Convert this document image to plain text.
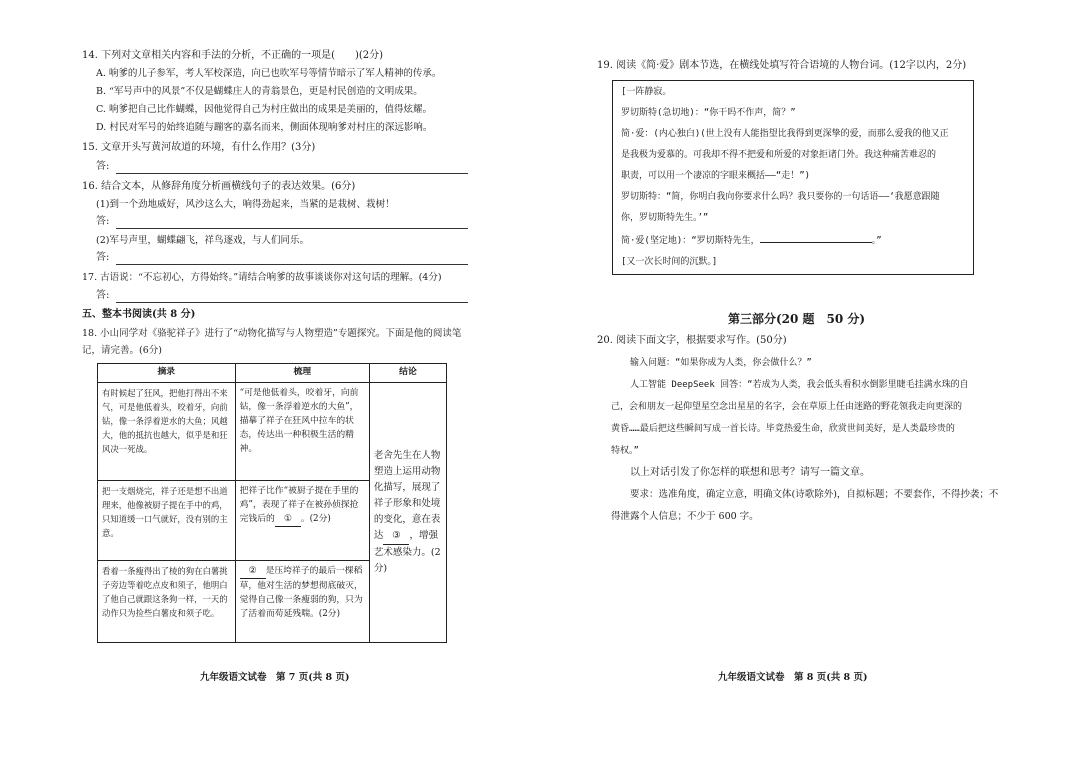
14. 下列对文章相关内容和手法的分析，不正确的一项是(　　)(2分)
A. 响爹的儿子参军，考人军校深造，向已也吹军号等情节暗示了军人精神的传承。
B. “军号声中的风景”不仅是蝴蝶庄人的青翁景色，更是村民创造的文明成果。
C. 响爹把自己比作蝴蝶，因他觉得自己为村庄做出的成果是美丽的，值得炫耀。
D. 村民对军号的始终追随与蹦客的嘉名而来，侧面体现响爹对村庄的深远影响。
15. 文章开头写黄河故道的环境，有什么作用？(3分)
答:
16. 结合文本，从修辞角度分析画横线句子的表达效果。(6分)
(1)到一个劲地威好，风沙这么大，响得劲起来，当紧的是栽树、栽树！
答:
(2)军号声里，蝴蝶翩飞，祥鸟逐戏，与人们同乐。
答:
17. 古语说：“不忘初心，方得始终。”请结合响爹的故事谈谈你对这句话的理解。(4分)
答:
五、整本书阅读(共 8 分)
18. 小山同学对《骆驼祥子》进行了“动物化描写与人物塑造”专题探究。下面是他的阅读笔
记，请完善。(6分)
摘录	梳理	结论
有时候起了狂风，把他打得出不来气，可是他低着头，咬着牙，向前钻，像一条浮着逆水的大鱼；风越大，他的抵抗也越大，似乎是和狂风决一死战。	“可是他低着头，咬着牙，向前钻，像一条浮着逆水的大鱼”，描摹了祥子在狂风中拉车的状态，传达出一种积极生活的精神。	老舍先生在人物塑造上运用动物化描写，展现了祥子形象和处境的变化，意在表达 ③ ，增强艺术感染力。(2分)
把一支烟烧完，祥子还是想不出道理来，他像被厨子提在手中的鸡，只知道缓一口气就好，没有别的主意。	把祥子比作“被厨子提在手里的鸡”，表现了祥子在被孙侦探抢完钱后的 ① 。(2分)	
看着一条瘦得出了棱的狗在白薯挑子旁边等着吃点皮和须子，他明白了他自己就跟这条狗一样，一天的动作只为捡些白薯皮和须子吃。	② 是压垮祥子的最后一棵稻草，他对生活的梦想彻底破灭，觉得自己像一条瘦弱的狗，只为了活着而苟延残喘。(2分)	
九年级语文试卷　第 7 页(共 8 页)
19. 阅读《简·爱》剧本节选，在横线处填写符合语境的人物台词。(12字以内，2分)
[一阵静寂。
罗切斯特(急切地)：“你干吗不作声，简？”
简·爱：(内心独白)(世上没有人能指望比我得到更深挚的爱，而那么爱我的他又正
是我极为爱慕的。可我却不得不把爱和所爱的对象拒诸门外。我这种痛苦难忍的
职责，可以用一个凄凉的字眼来概括——“走！”)
罗切斯特：“简，你明白我向你要求什么吗？我只要你的一句话语——‘我愿意跟随
你，罗切斯特先生。’”
简·爱(坚定地)：“罗切斯特先生，	。”
[又一次长时间的沉默。]
第三部分(20 题　50 分)
20. 阅读下面文字，根据要求写作。(50分)
输入问题：“如果你成为人类，你会做什么？”
人工智能 DeepSeek 回答：“若成为人类，我会低头看积水倒影里睫毛挂满水珠的自
己，会和朋友一起仰望星空念出星星的名字，会在草原上任由迷路的野花领我走向更深的
黄昏……最后把这些瞬间写成一首长诗。毕竟热爱生命，欣赏世间美好，是人类最珍贵的
特权。”
以上对话引发了你怎样的联想和思考？请写一篇文章。
要求：选准角度，确定立意，明确文体(诗歌除外)，自拟标题；不要套作，不得抄袭；不
得泄露个人信息；不少于 600 字。
九年级语文试卷　第 8 页(共 8 页)
